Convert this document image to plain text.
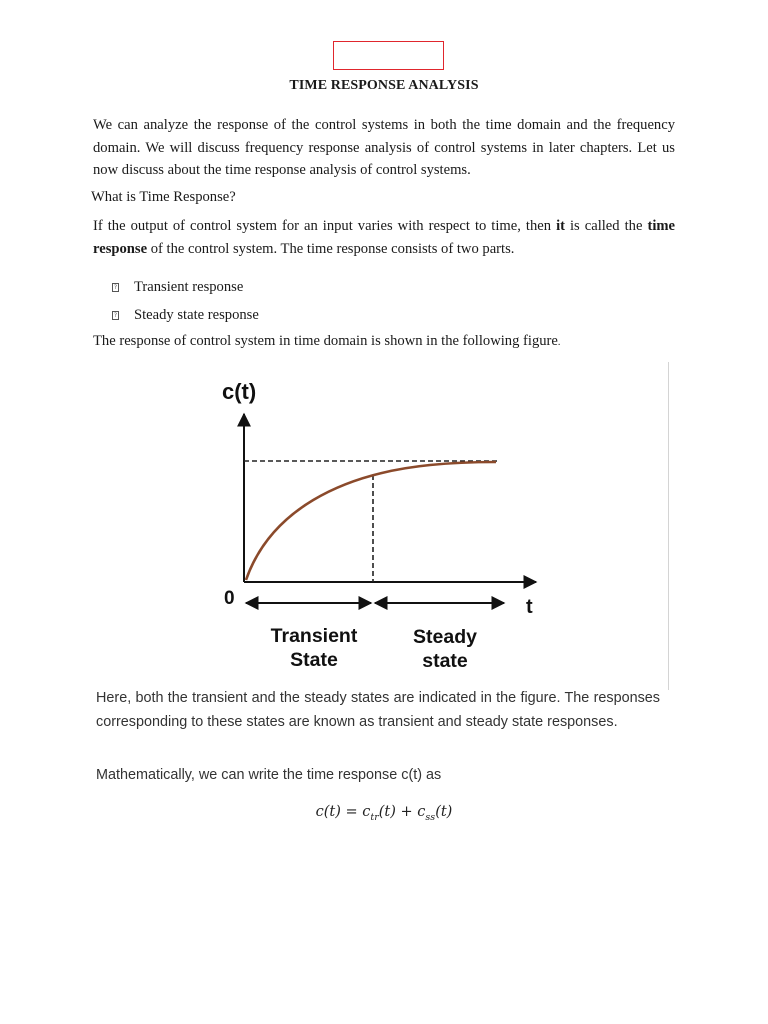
TIME RESPONSE ANALYSIS

We can analyze the response of the control systems in both the time domain and the frequency domain. We will discuss frequency response analysis of control systems in later chapters. Let us now discuss about the time response analysis of control systems.

What is Time Response?

If the output of control system for an input varies with respect to time, then it is called the time response of the control system. The time response consists of two parts.

? Transient response
? Steady state response
The response of control system in time domain is shown in the following figure.
c(t)
0	t
Transient
State
Steady
state

Here, both the transient and the steady states are indicated in the figure. The responses corresponding to these states are known as transient and steady state responses.

Mathematically, we can write the time response c(t) as
$c(t) = c_{tr}(t) + c_{ss}(t)$
